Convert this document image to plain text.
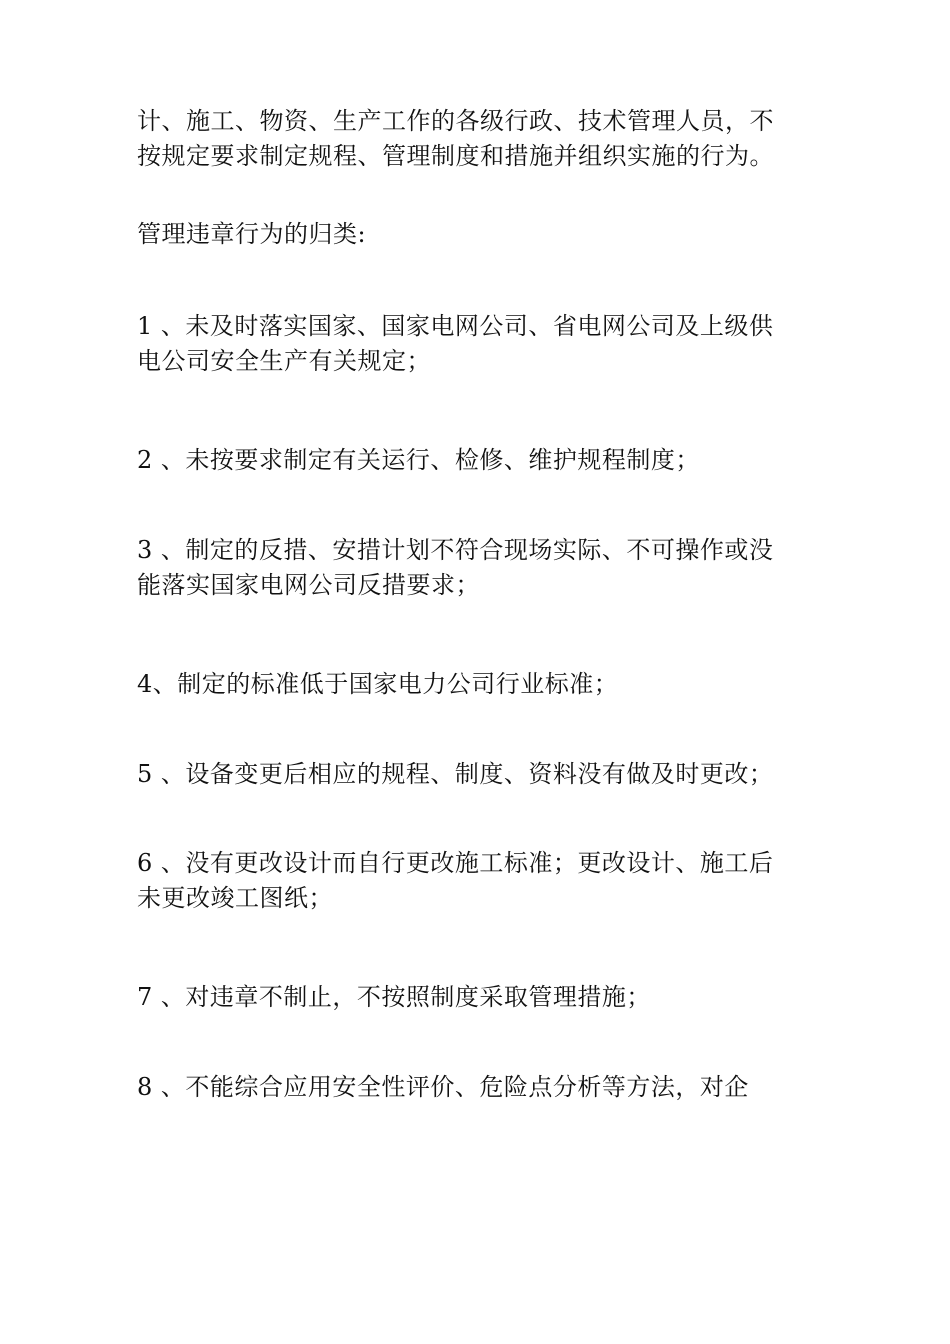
计、施工、物资、生产工作的各级行政、技术管理人员，不
按规定要求制定规程、管理制度和措施并组织实施的行为。
管理违章行为的归类:
1 、未及时落实国家、国家电网公司、省电网公司及上级供
电公司安全生产有关规定；
2 、未按要求制定有关运行、检修、维护规程制度；
3 、制定的反措、安措计划不符合现场实际、不可操作或没
能落实国家电网公司反措要求；
4、制定的标准低于国家电力公司行业标准；
5 、设备变更后相应的规程、制度、资料没有做及时更改；
6 、没有更改设计而自行更改施工标准；更改设计、施工后
未更改竣工图纸；
7 、对违章不制止，不按照制度采取管理措施；
8 、不能综合应用安全性评价、危险点分析等方法，对企
